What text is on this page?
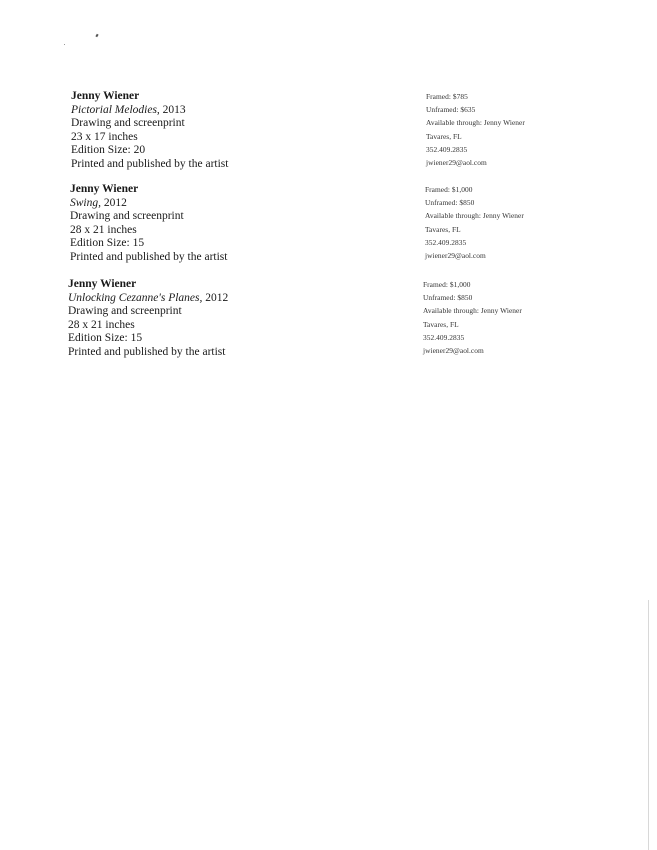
Jenny Wiener
Pictorial Melodies, 2013
Drawing and screenprint
23 x 17 inches
Edition Size: 20
Printed and published by the artist
Framed: $785
Unframed: $635
Available through: Jenny Wiener
Tavares, FL
352.409.2835
jwiener29@aol.com
Jenny Wiener
Swing, 2012
Drawing and screenprint
28 x 21 inches
Edition Size: 15
Printed and published by the artist
Framed: $1,000
Unframed: $850
Available through: Jenny Wiener
Tavares, FL
352.409.2835
jwiener29@aol.com
Jenny Wiener
Unlocking Cezanne's Planes, 2012
Drawing and screenprint
28 x 21 inches
Edition Size: 15
Printed and published by the artist
Framed: $1,000
Unframed: $850
Available through: Jenny Wiener
Tavares, FL
352.409.2835
jwiener29@aol.com
